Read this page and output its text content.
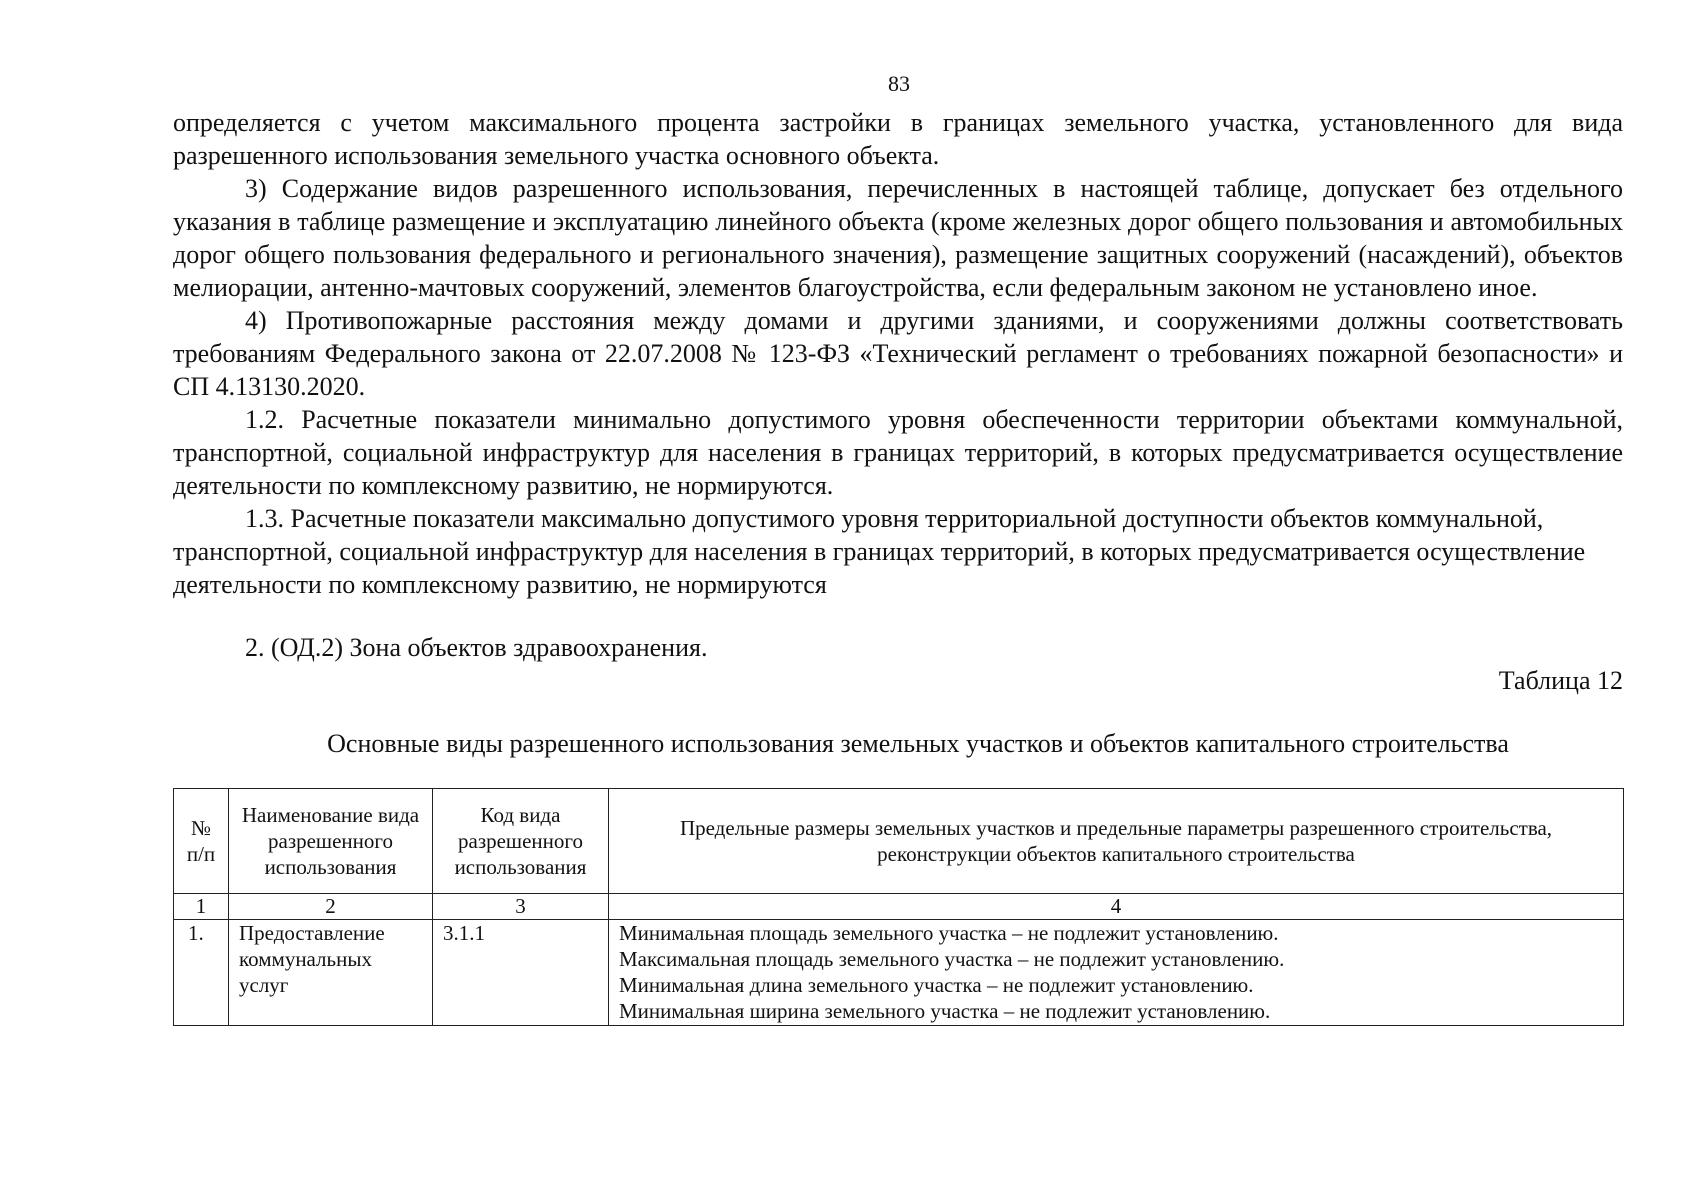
83

определяется с учетом максимального процента застройки в границах земельного участка, установленного для вида разрешенного использования земельного участка основного объекта.

3) Содержание видов разрешенного использования, перечисленных в настоящей таблице, допускает без отдельного указания в таблице размещение и эксплуатацию линейного объекта (кроме железных дорог общего пользования и автомобильных дорог общего пользования федерального и регионального значения), размещение защитных сооружений (насаждений), объектов мелиорации, антенно-мачтовых сооружений, элементов благоустройства, если федеральным законом не установлено иное.

4) Противопожарные расстояния между домами и другими зданиями, и сооружениями должны соответствовать требованиям Федерального закона от 22.07.2008 № 123-ФЗ «Технический регламент о требованиях пожарной безопасности» и СП 4.13130.2020.

1.2. Расчетные показатели минимально допустимого уровня обеспеченности территории объектами коммунальной, транспортной, социальной инфраструктур для населения в границах территорий, в которых предусматривается осуществление деятельности по комплексному развитию, не нормируются.

1.3. Расчетные показатели максимально допустимого уровня территориальной доступности объектов коммунальной, транспортной, социальной инфраструктур для населения в границах территорий, в которых предусматривается осуществление деятельности по комплексному развитию, не нормируются

2. (ОД.2) Зона объектов здравоохранения.

Таблица 12

Основные виды разрешенного использования земельных участков и объектов капитального строительства

№ п/п	Наименование вида разрешенного использования	Код вида разрешенного использования	Предельные размеры земельных участков и предельные параметры разрешенного строительства, реконструкции объектов капитального строительства
1	2	3	4
1.	Предоставление коммунальных услуг	3.1.1	Минимальная площадь земельного участка – не подлежит установлению.
Максимальная площадь земельного участка – не подлежит установлению.
Минимальная длина земельного участка – не подлежит установлению.
Минимальная ширина земельного участка – не подлежит установлению.
